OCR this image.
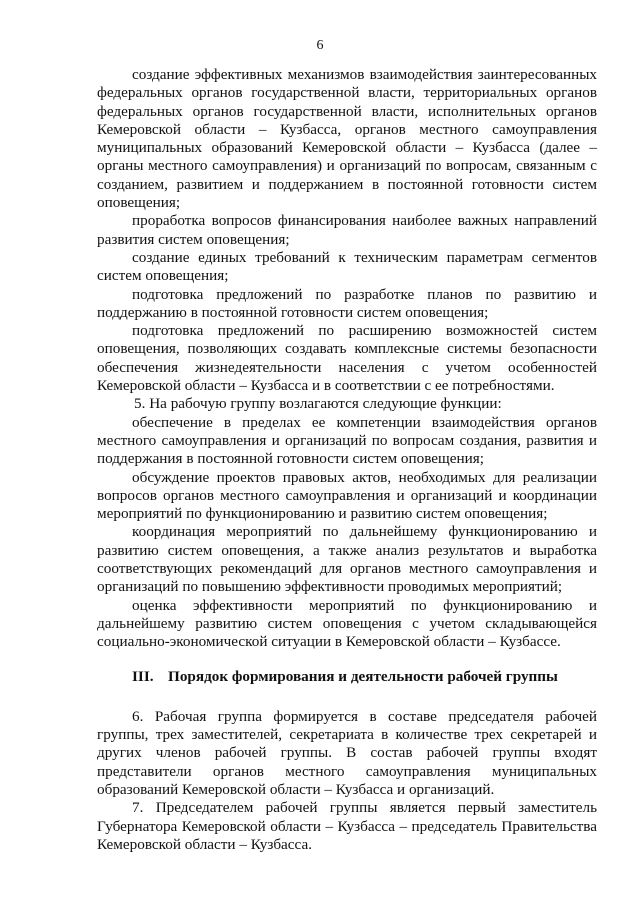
6

создание эффективных механизмов взаимодействия заинтересованных федеральных органов государственной власти, территориальных органов федеральных органов государственной власти, исполнительных органов Кемеровской области – Кузбасса, органов местного самоуправления муниципальных образований Кемеровской области – Кузбасса (далее – органы местного самоуправления) и организаций по вопросам, связанным с созданием, развитием и поддержанием в постоянной готовности систем оповещения;

проработка вопросов финансирования наиболее важных направлений развития систем оповещения;

создание единых требований к техническим параметрам сегментов систем оповещения;

подготовка предложений по разработке планов по развитию и поддержанию в постоянной готовности систем оповещения;

подготовка предложений по расширению возможностей систем оповещения, позволяющих создавать комплексные системы безопасности обеспечения жизнедеятельности населения с учетом особенностей Кемеровской области – Кузбасса и в соответствии с ее потребностями.

5. На рабочую группу возлагаются следующие функции:

обеспечение в пределах ее компетенции взаимодействия органов местного самоуправления и организаций по вопросам создания, развития и поддержания в постоянной готовности систем оповещения;

обсуждение проектов правовых актов, необходимых для реализации вопросов органов местного самоуправления и организаций и координации мероприятий по функционированию и развитию систем оповещения;

координация мероприятий по дальнейшему функционированию и развитию систем оповещения, а также анализ результатов и выработка соответствующих рекомендаций для органов местного самоуправления и организаций по повышению эффективности проводимых мероприятий;

оценка эффективности мероприятий по функционированию и дальнейшему развитию систем оповещения с учетом складывающейся социально-экономической ситуации в Кемеровской области – Кузбассе.

III. Порядок формирования и деятельности рабочей группы

6. Рабочая группа формируется в составе председателя рабочей группы, трех заместителей, секретариата в количестве трех секретарей и других членов рабочей группы. В состав рабочей группы входят представители органов местного самоуправления муниципальных образований Кемеровской области – Кузбасса и организаций.

7. Председателем рабочей группы является первый заместитель Губернатора Кемеровской области – Кузбасса – председатель Правительства Кемеровской области – Кузбасса.
